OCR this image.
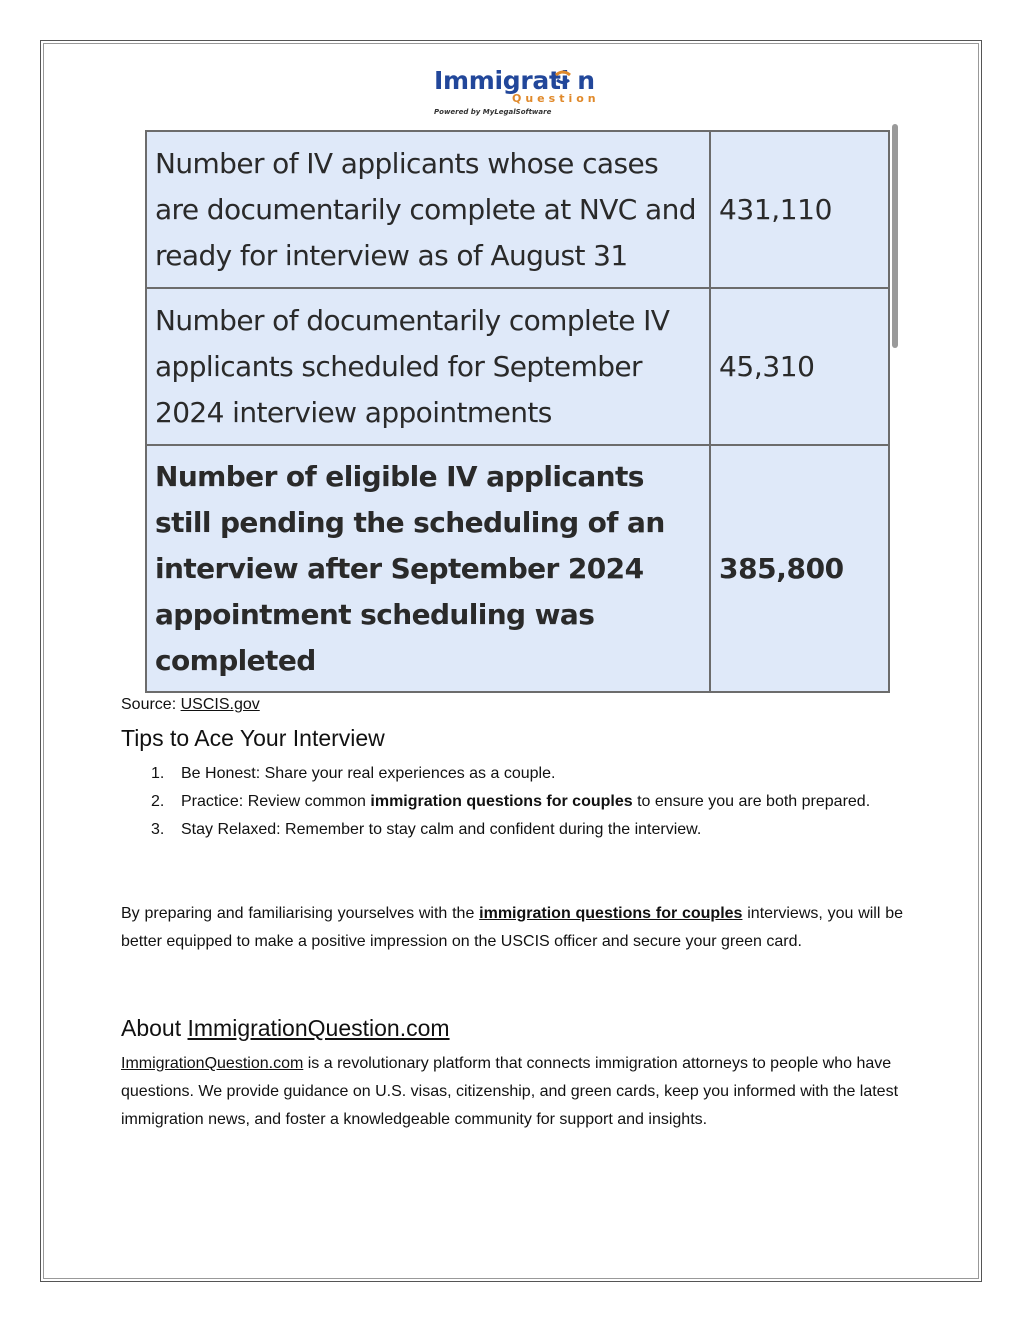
Immigrati n
Question
Powered by MyLegalSoftware
Number of IV applicants whose cases are documentarily complete at NVC and ready for interview as of August 31	431,110
Number of documentarily complete IV applicants scheduled for September 2024 interview appointments	45,310
Number of eligible IV applicants still pending the scheduling of an interview after September 2024 appointment scheduling was completed	385,800
Source: USCIS.gov
Tips to Ace Your Interview
1. Be Honest: Share your real experiences as a couple.
2. Practice: Review common immigration questions for couples to ensure you are both prepared.
3. Stay Relaxed: Remember to stay calm and confident during the interview.

By preparing and familiarising yourselves with the immigration questions for couples interviews, you will be better equipped to make a positive impression on the USCIS officer and secure your green card.

About ImmigrationQuestion.com

ImmigrationQuestion.com is a revolutionary platform that connects immigration attorneys to people who have questions. We provide guidance on U.S. visas, citizenship, and green cards, keep you informed with the latest immigration news, and foster a knowledgeable community for support and insights.
